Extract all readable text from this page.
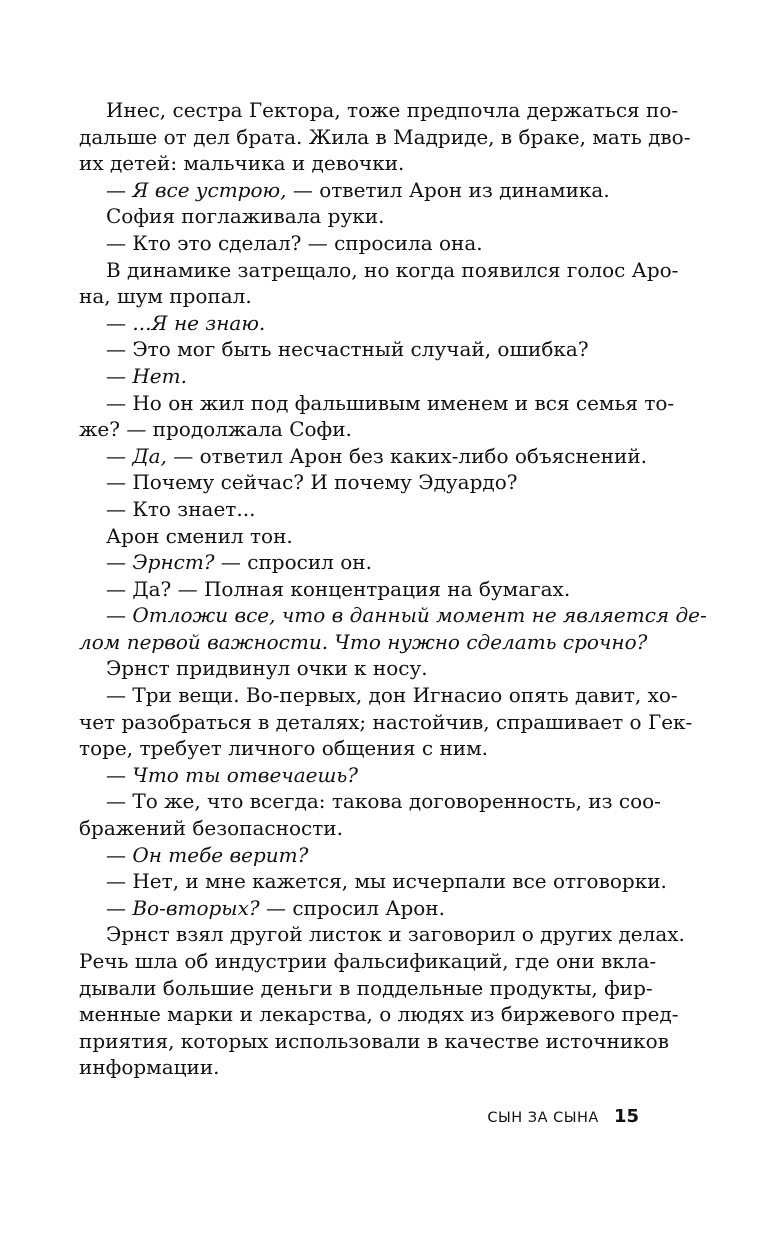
Инес, сестра Гектора, тоже предпочла держаться по-
дальше от дел брата. Жила в Мадриде, в браке, мать дво-
их детей: мальчика и девочки.
— Я все устрою, — ответил Арон из динамика.
София поглаживала руки.
— Кто это сделал? — спросила она.
В динамике затрещало, но когда появился голос Аро-
на, шум пропал.
— ...Я не знаю.
— Это мог быть несчастный случай, ошибка?
— Нет.
— Но он жил под фальшивым именем и вся семья то-
же? — продолжала Софи.
— Да, — ответил Арон без каких-либо объяснений.
— Почему сейчас? И почему Эдуардо?
— Кто знает...
Арон сменил тон.
— Эрнст? — спросил он.
— Да? — Полная концентрация на бумагах.
— Отложи все, что в данный момент не является де-
лом первой важности. Что нужно сделать срочно?
Эрнст придвинул очки к носу.
— Три вещи. Во-первых, дон Игнасио опять давит, хо-
чет разобраться в деталях; настойчив, спрашивает о Гек-
торе, требует личного общения с ним.
— Что ты отвечаешь?
— То же, что всегда: такова договоренность, из соо-
бражений безопасности.
— Он тебе верит?
— Нет, и мне кажется, мы исчерпали все отговорки.
— Во-вторых? — спросил Арон.
Эрнст взял другой листок и заговорил о других делах.
Речь шла об индустрии фальсификаций, где они вкла-
дывали большие деньги в поддельные продукты, фир-
менные марки и лекарства, о людях из биржевого пред-
приятия, которых использовали в качестве источников
информации.
СЫН ЗА СЫНА 15
